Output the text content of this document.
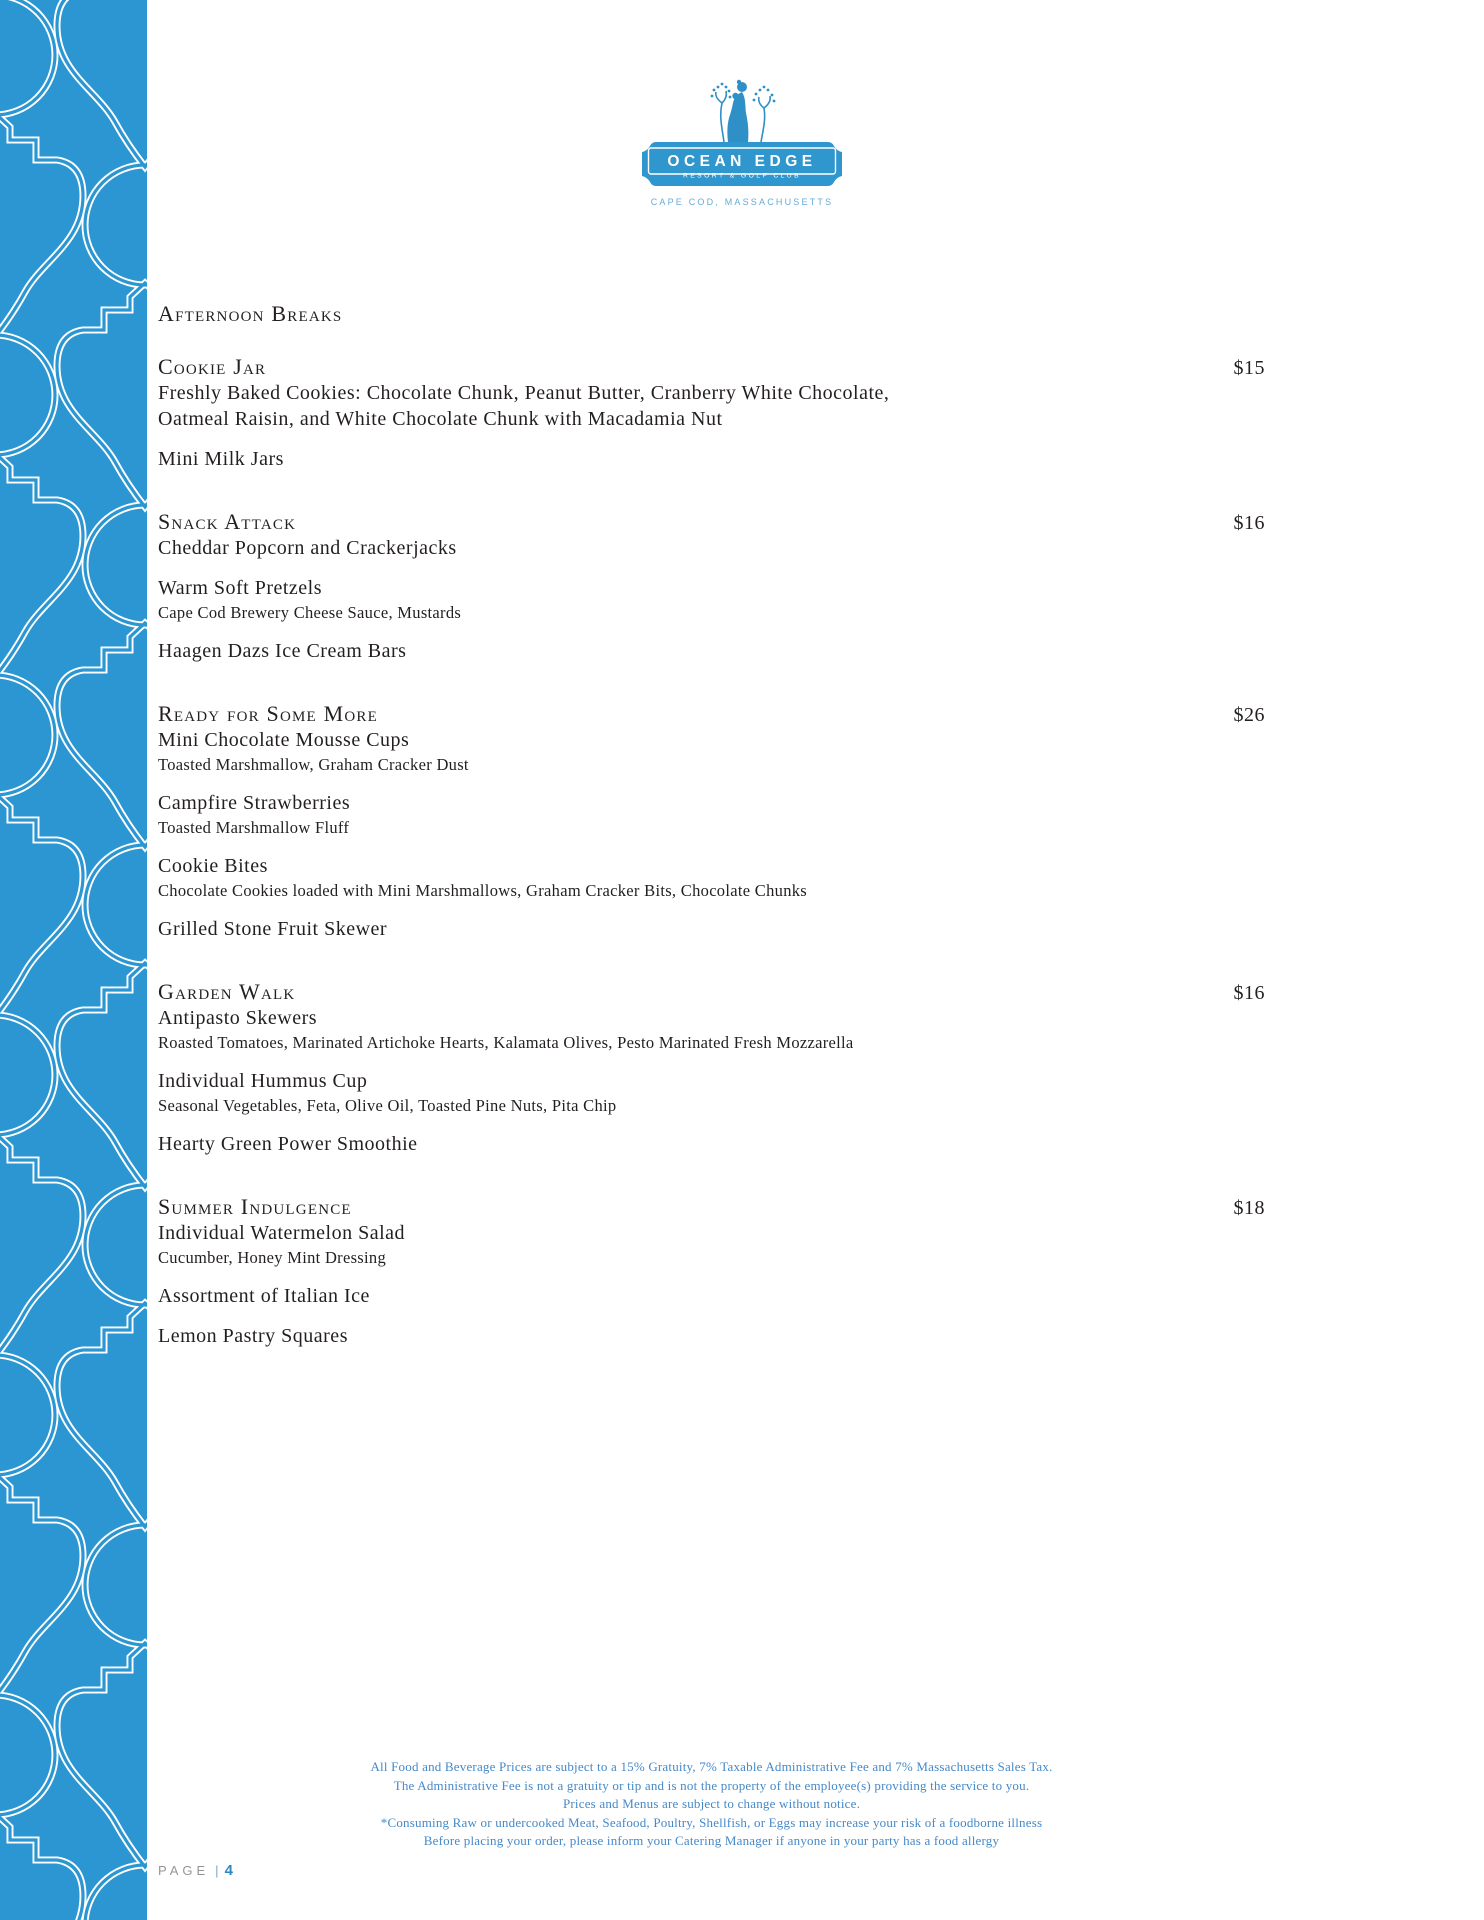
OCEAN EDGE
RESORT & GOLF CLUB
CAPE COD, MASSACHUSETTS
Afternoon Breaks
Cookie Jar	$15
Freshly Baked Cookies: Chocolate Chunk, Peanut Butter, Cranberry White Chocolate, Oatmeal Raisin, and White Chocolate Chunk with Macadamia Nut
Mini Milk Jars
Snack Attack	$16
Cheddar Popcorn and Crackerjacks
Warm Soft Pretzels
Cape Cod Brewery Cheese Sauce, Mustards
Haagen Dazs Ice Cream Bars
Ready for Some More	$26
Mini Chocolate Mousse Cups
Toasted Marshmallow, Graham Cracker Dust
Campfire Strawberries
Toasted Marshmallow Fluff
Cookie Bites
Chocolate Cookies loaded with Mini Marshmallows, Graham Cracker Bits, Chocolate Chunks
Grilled Stone Fruit Skewer
Garden Walk	$16
Antipasto Skewers
Roasted Tomatoes, Marinated Artichoke Hearts, Kalamata Olives, Pesto Marinated Fresh Mozzarella
Individual Hummus Cup
Seasonal Vegetables, Feta, Olive Oil, Toasted Pine Nuts, Pita Chip
Hearty Green Power Smoothie
Summer Indulgence	$18
Individual Watermelon Salad
Cucumber, Honey Mint Dressing
Assortment of Italian Ice
Lemon Pastry Squares
All Food and Beverage Prices are subject to a 15% Gratuity, 7% Taxable Administrative Fee and 7% Massachusetts Sales Tax.
The Administrative Fee is not a gratuity or tip and is not the property of the employee(s) providing the service to you.
Prices and Menus are subject to change without notice.
*Consuming Raw or undercooked Meat, Seafood, Poultry, Shellfish, or Eggs may increase your risk of a foodborne illness
Before placing your order, please inform your Catering Manager if anyone in your party has a food allergy
PAGE | 4
